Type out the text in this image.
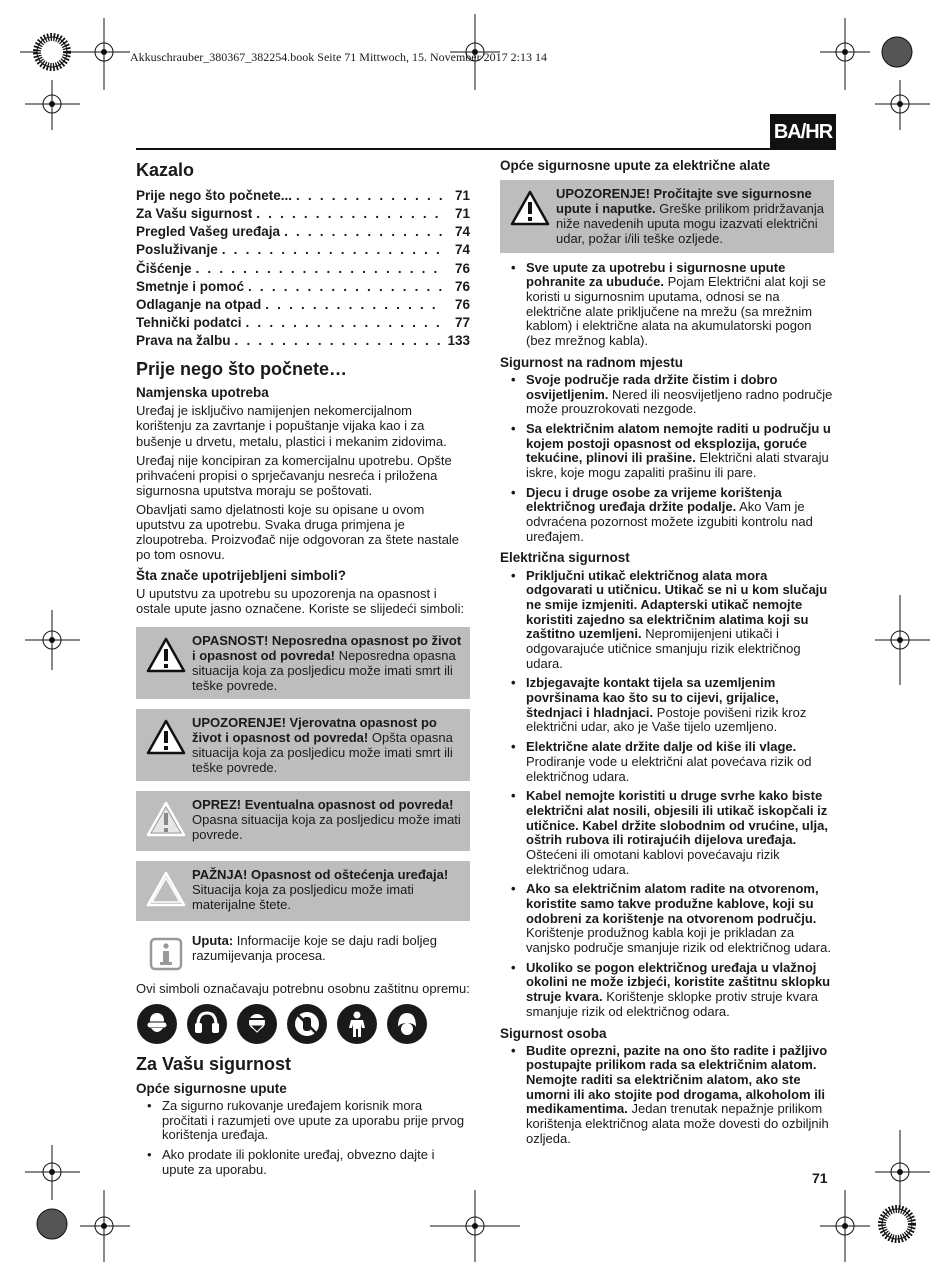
Akkuschrauber_380367_382254.book Seite 71 Mittwoch, 15. November 2017 2:13 14
BA/HR
Kazalo
Prije nego što počnete... . . .	71
Za Vašu sigurnost . . .	71
Pregled Vašeg uređaja . . .	74
Posluživanje . . .	74
Čišćenje . . .	76
Smetnje i pomoć . . .	76
Odlaganje na otpad . . .	76
Tehnički podatci . . .	77
Prava na žalbu . . .	133
Prije nego što počnete…
Namjenska upotreba

Uređaj je isključivo namijenjen nekomercijalnom korištenju za zavrtanje i popuštanje vijaka kao i za bušenje u drvetu, metalu, plastici i mekanim zidovima.

Uređaj nije koncipiran za komercijalnu upotrebu. Opšte prihvaćeni propisi o sprječavanju nesreća i priložena sigurnosna uputstva moraju se poštovati.

Obavljati samo djelatnosti koje su opisane u ovom uputstvu za upotrebu. Svaka druga primjena je zloupotreba. Proizvođač nije odgovoran za štete nastale po tom osnovu.

Šta znače upotrijebljeni simboli?

U uputstvu za upotrebu su upozorenja na opasnost i ostale upute jasno označene. Koriste se slijedeći simboli:

OPASNOST! Neposredna opasnost po život i opasnost od povreda! Neposredna opasna situacija koja za posljedicu može imati smrt ili teške povrede.
UPOZORENJE! Vjerovatna opasnost po život i opasnost od povreda! Opšta opasna situacija koja za posljedicu može imati smrt ili teške povrede.
OPREZ! Eventualna opasnost od povreda! Opasna situacija koja za posljedicu može imati povrede.
PAŽNJA! Opasnost od oštećenja uređaja! Situacija koja za posljedicu može imati materijalne štete.
Uputa: Informacije koje se daju radi boljeg razumijevanja procesa.

Ovi simboli označavaju potrebnu osobnu zaštitnu opremu:

Za Vašu sigurnost
Opće sigurnosne upute
• Za sigurno rukovanje uređajem korisnik mora pročitati i razumjeti ove upute za uporabu prije prvog korištenja uređaja.
• Ako prodate ili poklonite uređaj, obvezno dajte i upute za uporabu.
Opće sigurnosne upute za električne alate
UPOZORENJE! Pročitajte sve sigurnosne upute i naputke. Greške prilikom pridržavanja niže navedenih uputa mogu izazvati električni udar, požar i/ili teške ozljede.
• Sve upute za upotrebu i sigurnosne upute pohranite za ubuduće. Pojam Električni alat koji se koristi u sigurnosnim uputama, odnosi se na električne alate priključene na mrežu (sa mrežnim kablom) i električne alata na akumulatorski pogon (bez mrežnog kabla).
Sigurnost na radnom mjestu
• Svoje područje rada držite čistim i dobro osvijetljenim. Nered ili neosvijetljeno radno područje može prouzrokovati nezgode.
• Sa električnim alatom nemojte raditi u području u kojem postoji opasnost od eksplozija, goruće tekućine, plinovi ili prašine. Električni alati stvaraju iskre, koje mogu zapaliti prašinu ili pare.
• Djecu i druge osobe za vrijeme korištenja električnog uređaja držite podalje. Ako Vam je odvraćena pozornost možete izgubiti kontrolu nad uređajem.
Električna sigurnost
• Priključni utikač električnog alata mora odgovarati u utičnicu. Utikač se ni u kom slučaju ne smije izmjeniti. Adapterski utikač nemojte koristiti zajedno sa električnim alatima koji su zaštitno uzemljeni. Nepromijenjeni utikači i odgovarajuće utičnice smanjuju rizik električnog udara.
• Izbjegavajte kontakt tijela sa uzemljenim površinama kao što su to cijevi, grijalice, štednjaci i hladnjaci. Postoje povišeni rizik kroz električni udar, ako je Vaše tijelo uzemljeno.
• Električne alate držite dalje od kiše ili vlage. Prodiranje vode u električni alat povećava rizik od električnog udara.
• Kabel nemojte koristiti u druge svrhe kako biste električni alat nosili, objesili ili utikač iskopčali iz utičnice. Kabel držite slobodnim od vrućine, ulja, oštrih rubova ili rotirajućih dijelova uređaja. Oštećeni ili omotani kablovi povećavaju rizik električnog udara.
• Ako sa električnim alatom radite na otvorenom, koristite samo takve produžne kablove, koji su odobreni za korištenje na otvorenom području. Korištenje produžnog kabla koji je prikladan za vanjsko područje smanjuje rizik od električnog udara.
• Ukoliko se pogon električnog uređaja u vlažnoj okolini ne može izbjeći, koristite zaštitnu sklopku struje kvara. Korištenje sklopke protiv struje kvara smanjuje rizik od električnog odara.
Sigurnost osoba
• Budite oprezni, pazite na ono što radite i pažljivo postupajte prilikom rada sa električnim alatom. Nemojte raditi sa električnim alatom, ako ste umorni ili ako stojite pod drogama, alkoholom ili medikamentima. Jedan trenutak nepažnje prilikom korištenja električnog alata može dovesti do ozbiljnih ozljeda.
71
